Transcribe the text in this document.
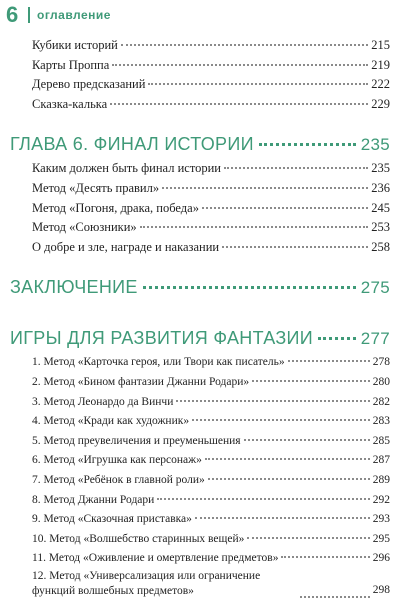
6	оглавление
Кубики историй	215
Карты Проппа	219
Дерево предсказаний	222
Сказка-калька	229
ГЛАВА 6. ФИНАЛ ИСТОРИИ	235
Каким должен быть финал истории	235
Метод «Десять правил»	236
Метод «Погоня, драка, победа»	245
Метод «Союзники»	253
О добре и зле, награде и наказании	258
ЗАКЛЮЧЕНИЕ	275
ИГРЫ ДЛЯ РАЗВИТИЯ ФАНТАЗИИ	277
1. Метод «Карточка героя, или Твори как писатель»	278
2. Метод «Бином фантазии Джанни Родари»	280
3. Метод Леонардо да Винчи	282
4. Метод «Кради как художник»	283
5. Метод преувеличения и преуменьшения	285
6. Метод «Игрушка как персонаж»	287
7. Метод «Ребёнок в главной роли»	289
8. Метод Джанни Родари	292
9. Метод «Сказочная приставка»	293
10. Метод «Волшебство старинных вещей»	295
11. Метод «Оживление и омертвление предметов»	296
12. Метод «Универсализация или ограничение функций волшебных предметов»	298
